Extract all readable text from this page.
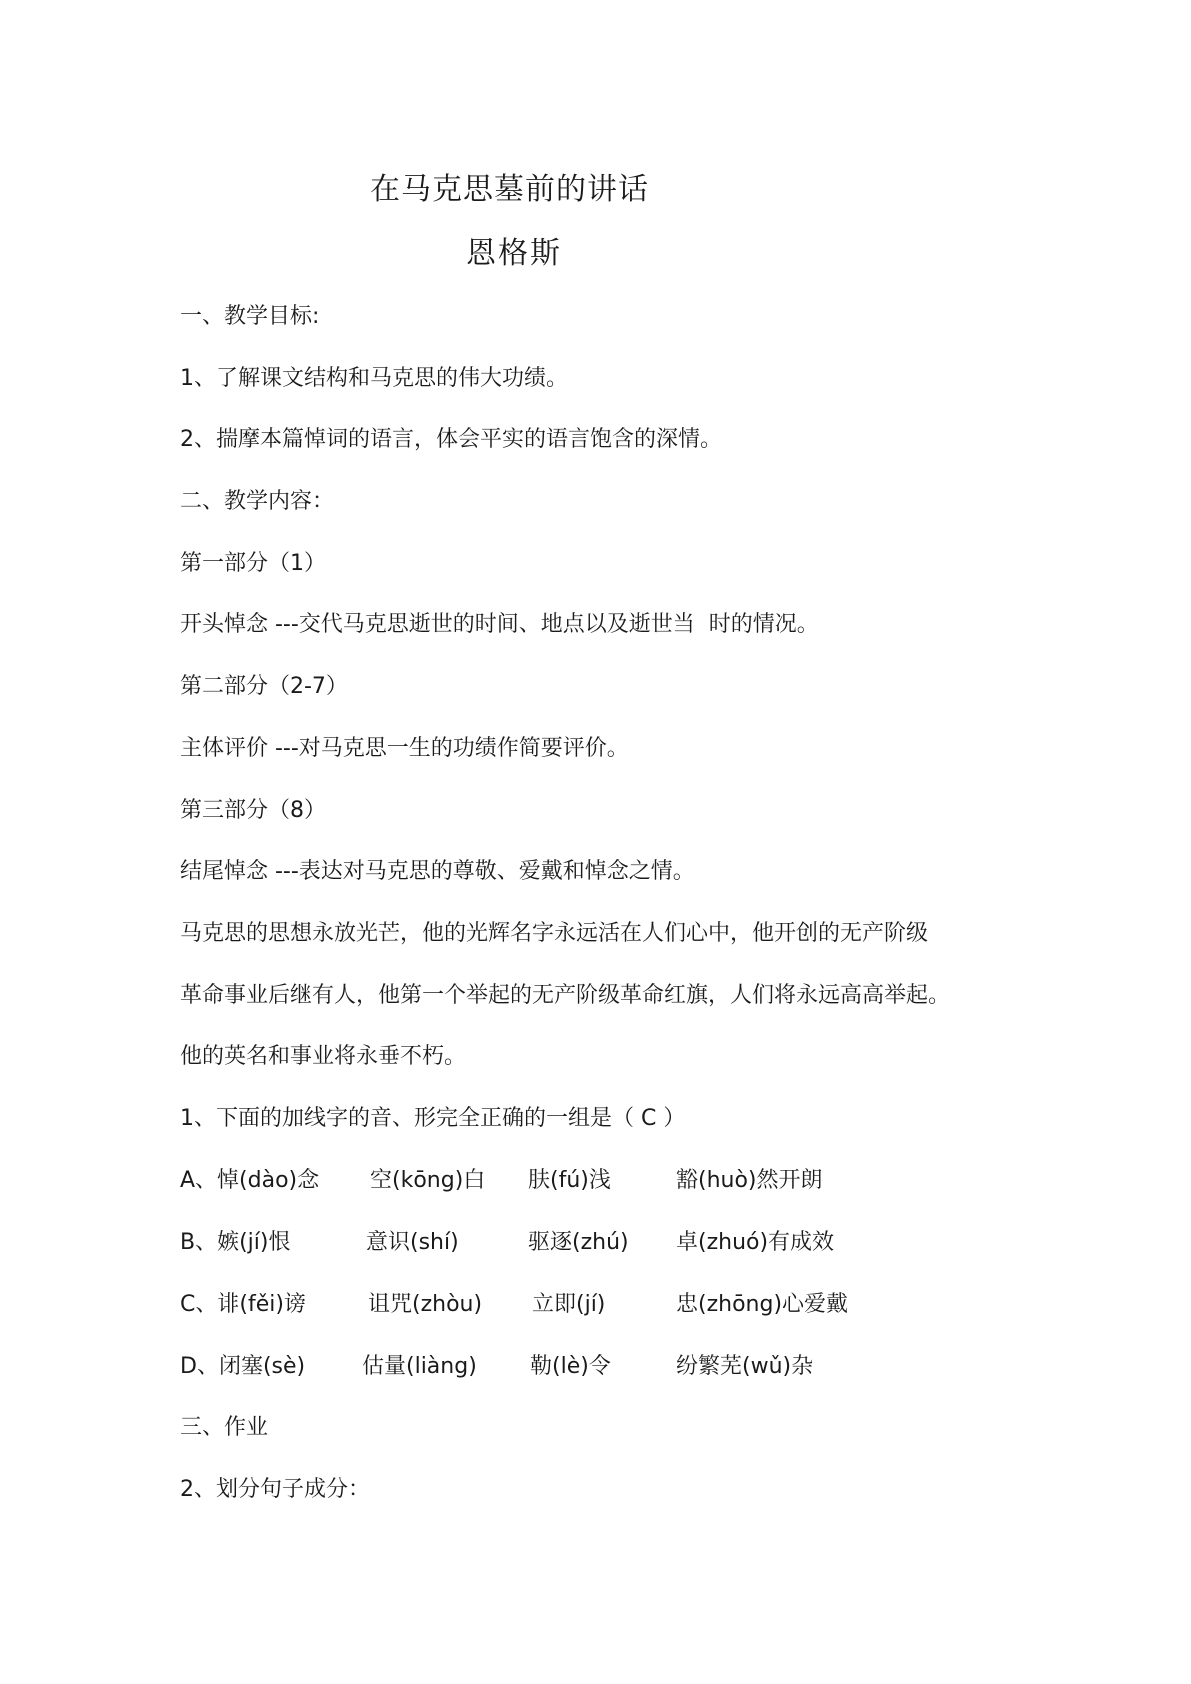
在马克思墓前的讲话
恩格斯
一、教学目标:
1、了解课文结构和马克思的伟大功绩。
2、揣摩本篇悼词的语言，体会平实的语言饱含的深情。
二、教学内容：
第一部分（1）
开头悼念 ---交代马克思逝世的时间、地点以及逝世当  时的情况。
第二部分（2-7）
主体评价 ---对马克思一生的功绩作简要评价。
第三部分（8）
结尾悼念 ---表达对马克思的尊敬、爱戴和悼念之情。
马克思的思想永放光芒，他的光辉名字永远活在人们心中，他开创的无产阶级
革命事业后继有人，他第一个举起的无产阶级革命红旗，人们将永远高高举起。
他的英名和事业将永垂不朽。
1、下面的加线字的音、形完全正确的一组是（ C ）
A、悼(dào)念 空(kōng)白 肤(fú)浅	豁(huò)然开朗
B、嫉(jí)恨	意识(shí)	驱逐(zhú) 卓(zhuó)有成效
C、诽(fěi)谤	诅咒(zhòu) 立即(jí)	忠(zhōng)心爱戴
D、闭塞(sè)	估量(liàng) 勒(lè)令	纷繁芜(wǔ)杂
三、作业
2、划分句子成分：
